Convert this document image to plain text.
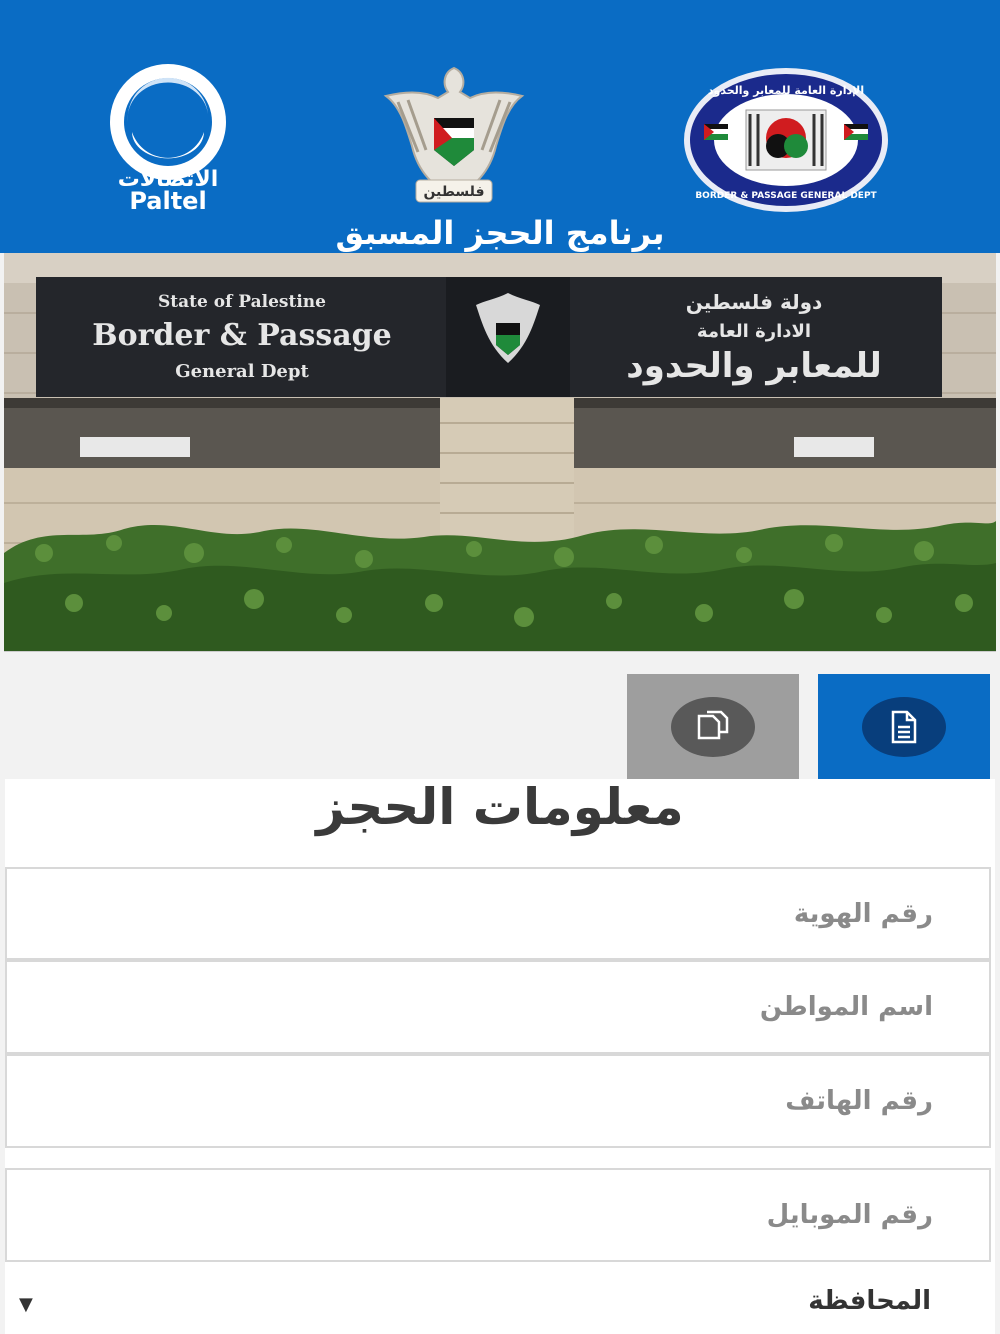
الاتصالات
Paltel	فلسطين
الإدارة العامة للمعابر والحدود
BORDER & PASSAGE GENERAL DEPT
برنامج الحجز المسبق
State of Palestine
Border & Passage
General Dept
دولة فلسطين
الادارة العامة
للمعابر والحدود
معلومات الحجز
رقم الهوية
اسم المواطن
رقم الهاتف
رقم الموبايل
المحافظة
▼
